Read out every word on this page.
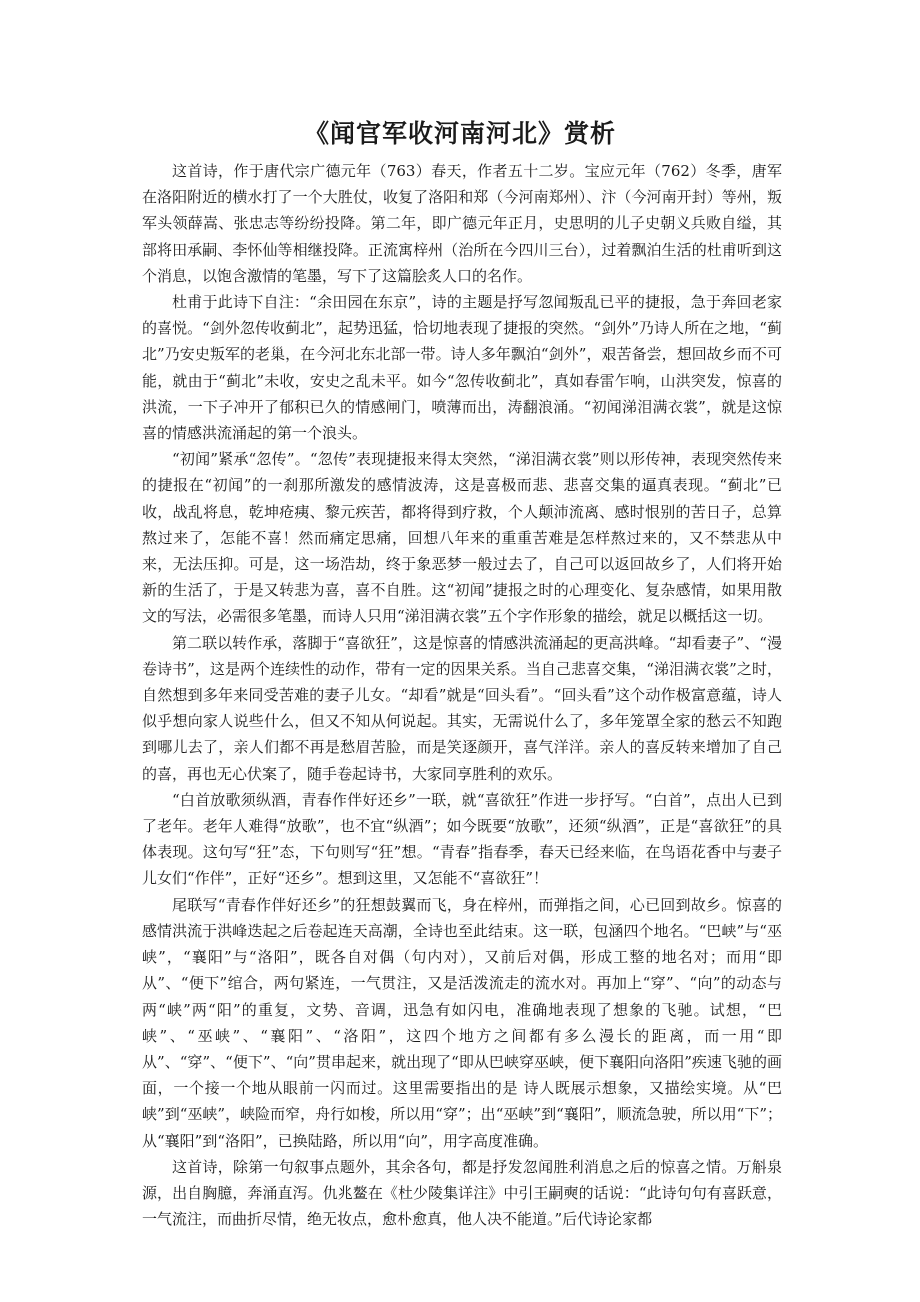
《闻官军收河南河北》赏析

这首诗，作于唐代宗广德元年（763）春天，作者五十二岁。宝应元年（762）冬季，唐军在洛阳附近的横水打了一个大胜仗，收复了洛阳和郑（今河南郑州）、汴（今河南开封）等州，叛军头领薛嵩、张忠志等纷纷投降。第二年，即广德元年正月，史思明的儿子史朝义兵败自缢，其部将田承嗣、李怀仙等相继投降。正流寓梓州（治所在今四川三台），过着飘泊生活的杜甫听到这个消息，以饱含激情的笔墨，写下了这篇脍炙人口的名作。

杜甫于此诗下自注：“余田园在东京”，诗的主题是抒写忽闻叛乱已平的捷报，急于奔回老家的喜悦。“剑外忽传收蓟北”，起势迅猛，恰切地表现了捷报的突然。“剑外”乃诗人所在之地，“蓟北”乃安史叛军的老巢，在今河北东北部一带。诗人多年飘泊“剑外”，艰苦备尝，想回故乡而不可能，就由于“蓟北”未收，安史之乱未平。如今“忽传收蓟北”，真如春雷乍响，山洪突发，惊喜的洪流，一下子冲开了郁积已久的情感闸门，喷薄而出，涛翻浪涌。“初闻涕泪满衣裳”，就是这惊喜的情感洪流涌起的第一个浪头。

“初闻”紧承“忽传”。“忽传”表现捷报来得太突然，“涕泪满衣裳”则以形传神，表现突然传来的捷报在“初闻”的一刹那所激发的感情波涛，这是喜极而悲、悲喜交集的逼真表现。“蓟北”已收，战乱将息，乾坤疮痍、黎元疾苦，都将得到疗救，个人颠沛流离、感时恨别的苦日子，总算熬过来了，怎能不喜！然而痛定思痛，回想八年来的重重苦难是怎样熬过来的，又不禁悲从中来，无法压抑。可是，这一场浩劫，终于象恶梦一般过去了，自己可以返回故乡了，人们将开始新的生活了，于是又转悲为喜，喜不自胜。这“初闻”捷报之时的心理变化、复杂感情，如果用散文的写法，必需很多笔墨，而诗人只用“涕泪满衣裳”五个字作形象的描绘，就足以概括这一切。

第二联以转作承，落脚于“喜欲狂”，这是惊喜的情感洪流涌起的更高洪峰。“却看妻子”、“漫卷诗书”，这是两个连续性的动作，带有一定的因果关系。当自己悲喜交集，“涕泪满衣裳”之时，自然想到多年来同受苦难的妻子儿女。“却看”就是“回头看”。“回头看”这个动作极富意蕴，诗人似乎想向家人说些什么，但又不知从何说起。其实，无需说什么了，多年笼罩全家的愁云不知跑到哪儿去了，亲人们都不再是愁眉苦脸，而是笑逐颜开，喜气洋洋。亲人的喜反转来增加了自己的喜，再也无心伏案了，随手卷起诗书，大家同享胜利的欢乐。

“白首放歌须纵酒，青春作伴好还乡”一联，就“喜欲狂”作进一步抒写。“白首”，点出人已到了老年。老年人难得“放歌”，也不宜“纵酒”；如今既要“放歌”，还须“纵酒”，正是“喜欲狂”的具体表现。这句写“狂”态，下句则写“狂”想。“青春”指春季，春天已经来临，在鸟语花香中与妻子儿女们“作伴”，正好“还乡”。想到这里，又怎能不“喜欲狂”！

尾联写“青春作伴好还乡”的狂想鼓翼而飞，身在梓州，而弹指之间，心已回到故乡。惊喜的感情洪流于洪峰迭起之后卷起连天高潮，全诗也至此结束。这一联，包涵四个地名。“巴峡”与“巫峡”，“襄阳”与“洛阳”，既各自对偶（句内对），又前后对偶，形成工整的地名对；而用“即从”、“便下”绾合，两句紧连，一气贯注，又是活泼流走的流水对。再加上“穿”、“向”的动态与两“峡”两“阳”的重复，文势、音调，迅急有如闪电，准确地表现了想象的飞驰。试想，“巴峡”、“巫峡”、“襄阳”、“洛阳”，这四个地方之间都有多么漫长的距离，而一用“即从”、“穿”、“便下”、“向”贯串起来，就出现了“即从巴峡穿巫峡，便下襄阳向洛阳”疾速飞驰的画面，一个接一个地从眼前一闪而过。这里需要指出的是 诗人既展示想象，又描绘实境。从“巴峡”到“巫峡”，峡险而窄，舟行如梭，所以用“穿”；出“巫峡”到“襄阳”，顺流急驶，所以用“下”；从“襄阳”到“洛阳”，已换陆路，所以用“向”，用字高度准确。

这首诗，除第一句叙事点题外，其余各句，都是抒发忽闻胜利消息之后的惊喜之情。万斛泉源，出自胸臆，奔涌直泻。仇兆鳌在《杜少陵集详注》中引王嗣奭的话说：“此诗句句有喜跃意，一气流注，而曲折尽情，绝无妆点，愈朴愈真，他人决不能道。”后代诗论家都
